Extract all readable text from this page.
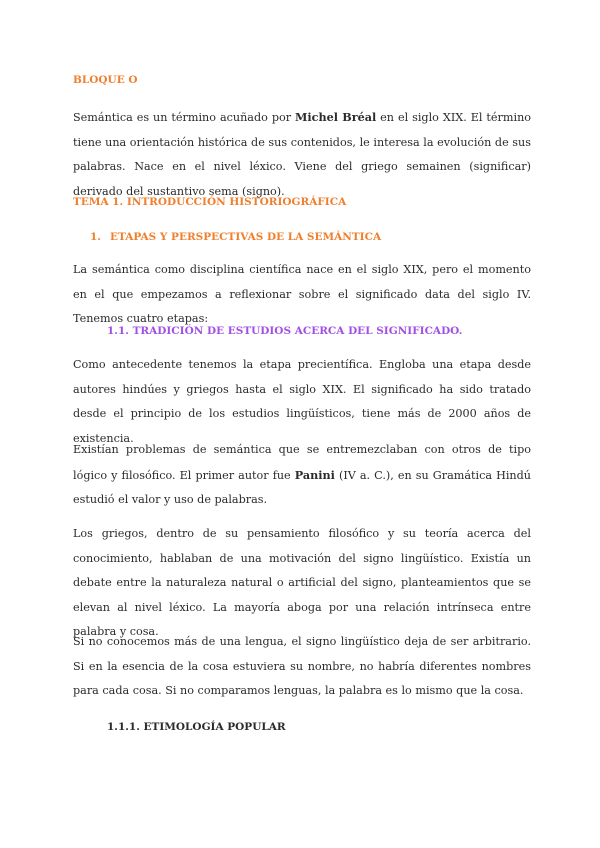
BLOQUE O

Semántica es un término acuñado por Michel Bréal en el siglo XIX. El término tiene una orientación histórica de sus contenidos, le interesa la evolución de sus palabras. Nace en el nivel léxico. Viene del griego semainen (significar) derivado del sustantivo sema (signo).

TEMA 1. INTRODUCCIÓN HISTORIOGRÁFICA

1. ETAPAS Y PERSPECTIVAS DE LA SEMÁNTICA

La semántica como disciplina científica nace en el siglo XIX, pero el momento en el que empezamos a reflexionar sobre el significado data del siglo IV. Tenemos cuatro etapas:

1.1. TRADICIÓN DE ESTUDIOS ACERCA DEL SIGNIFICADO.

Como antecedente tenemos la etapa precientífica. Engloba una etapa desde autores hindúes y griegos hasta el siglo XIX. El significado ha sido tratado desde el principio de los estudios lingüísticos, tiene más de 2000 años de existencia.

Existían problemas de semántica que se entremezclaban con otros de tipo lógico y filosófico. El primer autor fue Panini (IV a. C.), en su Gramática Hindú estudió el valor y uso de palabras.

Los griegos, dentro de su pensamiento filosófico y su teoría acerca del conocimiento, hablaban de una motivación del signo lingüístico. Existía un debate entre la naturaleza natural o artificial del signo, planteamientos que se elevan al nivel léxico. La mayoría aboga por una relación intrínseca entre palabra y cosa.

Si no conocemos más de una lengua, el signo lingüístico deja de ser arbitrario. Si en la esencia de la cosa estuviera su nombre, no habría diferentes nombres para cada cosa. Si no comparamos lenguas, la palabra es lo mismo que la cosa.

1.1.1. ETIMOLOGÍA POPULAR
